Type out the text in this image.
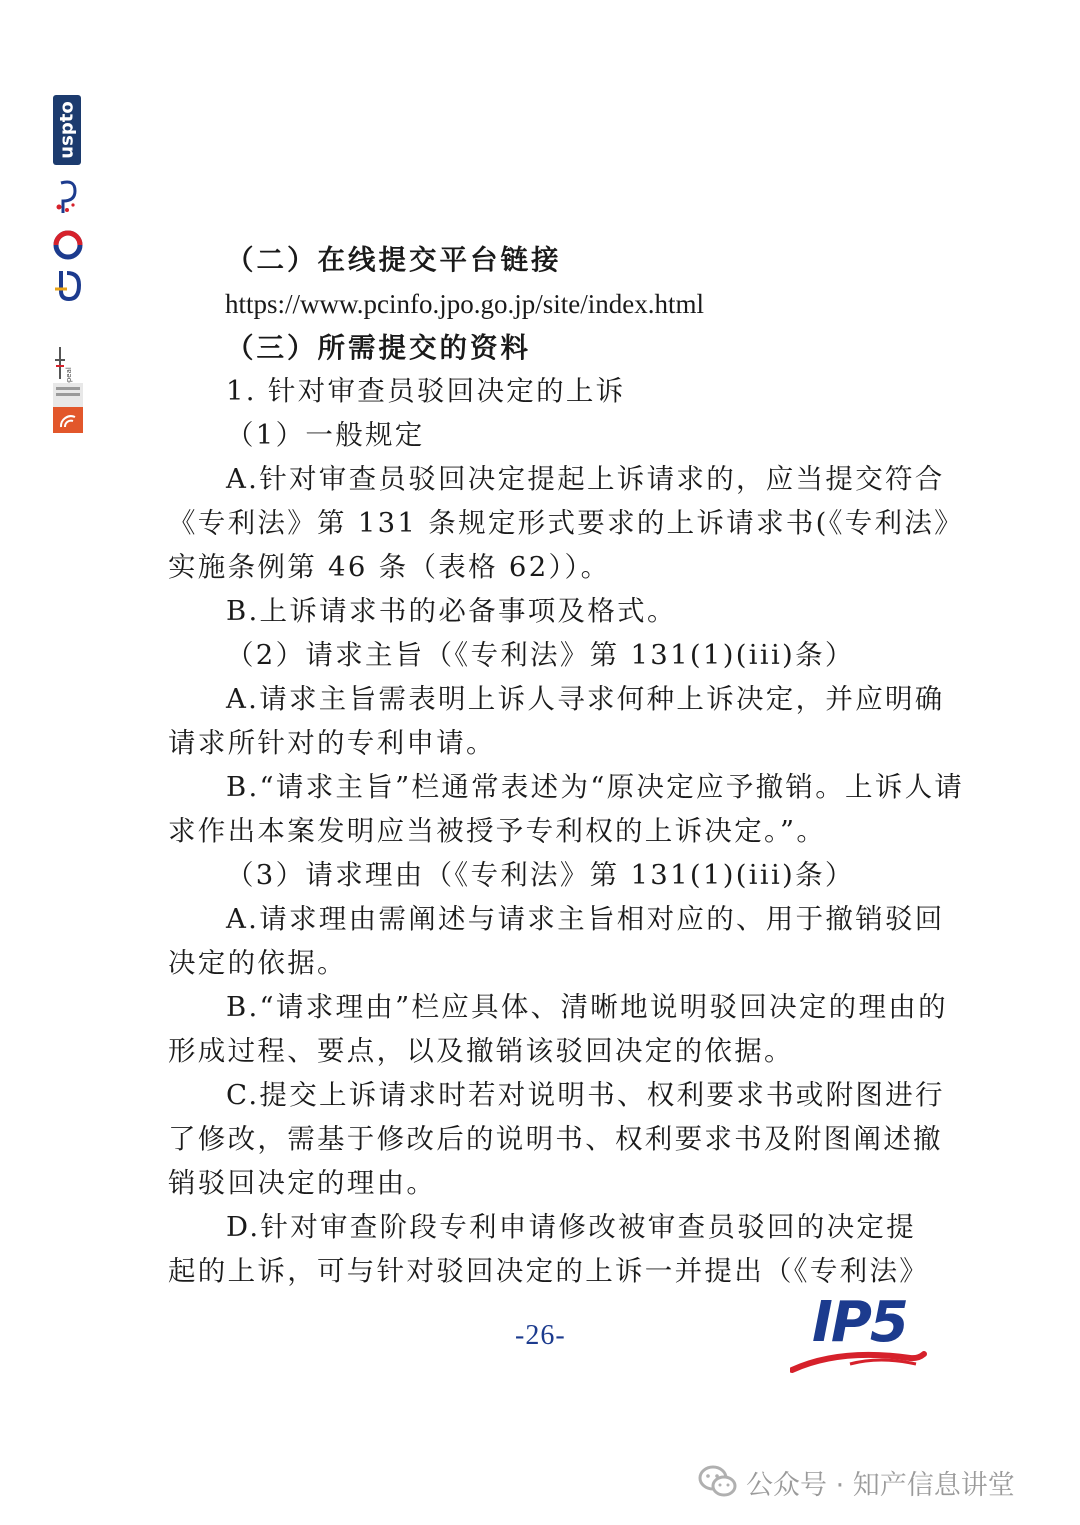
uspto

（二）在线提交平台链接

https://www.pcinfo.jpo.go.jp/site/index.html

（三）所需提交的资料

1. 针对审查员驳回决定的上诉

（1）一般规定

A.针对审查员驳回决定提起上诉请求的，应当提交符合

《专利法》第 131 条规定形式要求的上诉请求书(《专利法》

实施条例第 46 条（表格 62））。

B.上诉请求书的必备事项及格式。

（2）请求主旨（《专利法》第 131(1)(iii)条）

A.请求主旨需表明上诉人寻求何种上诉决定，并应明确

请求所针对的专利申请。

B.“请求主旨”栏通常表述为“原决定应予撤销。上诉人请

求作出本案发明应当被授予专利权的上诉决定。”。

（3）请求理由（《专利法》第 131(1)(iii)条）

A.请求理由需阐述与请求主旨相对应的、用于撤销驳回

决定的依据。

B.“请求理由”栏应具体、清晰地说明驳回决定的理由的

形成过程、要点，以及撤销该驳回决定的依据。

C.提交上诉请求时若对说明书、权利要求书或附图进行

了修改，需基于修改后的说明书、权利要求书及附图阐述撤

销驳回决定的理由。

D.针对审查阶段专利申请修改被审查员驳回的决定提

起的上诉，可与针对驳回决定的上诉一并提出（《专利法》

-26-	IP5
公众号 · 知产信息讲堂
